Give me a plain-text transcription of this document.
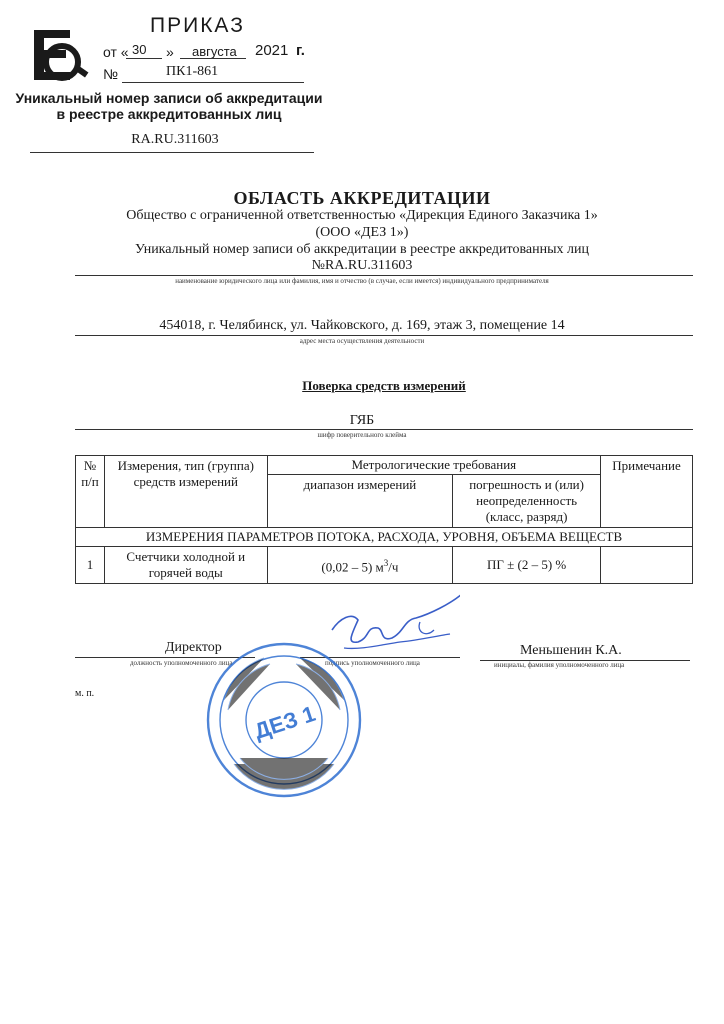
ПРИКАЗ
от « 30 » августа 2021 г.
№	ПК1-861
Уникальный номер записи об аккредитации в реестре аккредитованных лиц
RA.RU.311603
ОБЛАСТЬ АККРЕДИТАЦИИ
Общество с ограниченной ответственностью «Дирекция Единого Заказчика 1»
(ООО «ДЕЗ 1»)
Уникальный номер записи об аккредитации в реестре аккредитованных лиц
№RA.RU.311603
наименование юридического лица или фамилия, имя и отчество (в случае, если имеется) индивидуального предпринимателя
454018, г. Челябинск, ул. Чайковского, д. 169, этаж 3, помещение 14
адрес места осуществления деятельности
Поверка средств измерений
ГЯБ
шифр поверительного клейма
№ п/п	Измерения, тип (группа) средств измерений	Метрологические требования		Примечание
		диапазон измерений	погрешность и (или) неопределенность (класс, разряд)	
ИЗМЕРЕНИЯ ПАРАМЕТРОВ ПОТОКА, РАСХОДА, УРОВНЯ, ОБЪЕМА ВЕЩЕСТВ				
1	Счетчики холодной и горячей воды	(0,02 – 5) $м^3/ч$	ПГ ± (2 – 5) %	
Директор
должность уполномоченного лица	подпись уполномоченного лица
Меньшенин К.А.
инициалы, фамилия уполномоченного лица
м. п.
ДЕЗ 1
